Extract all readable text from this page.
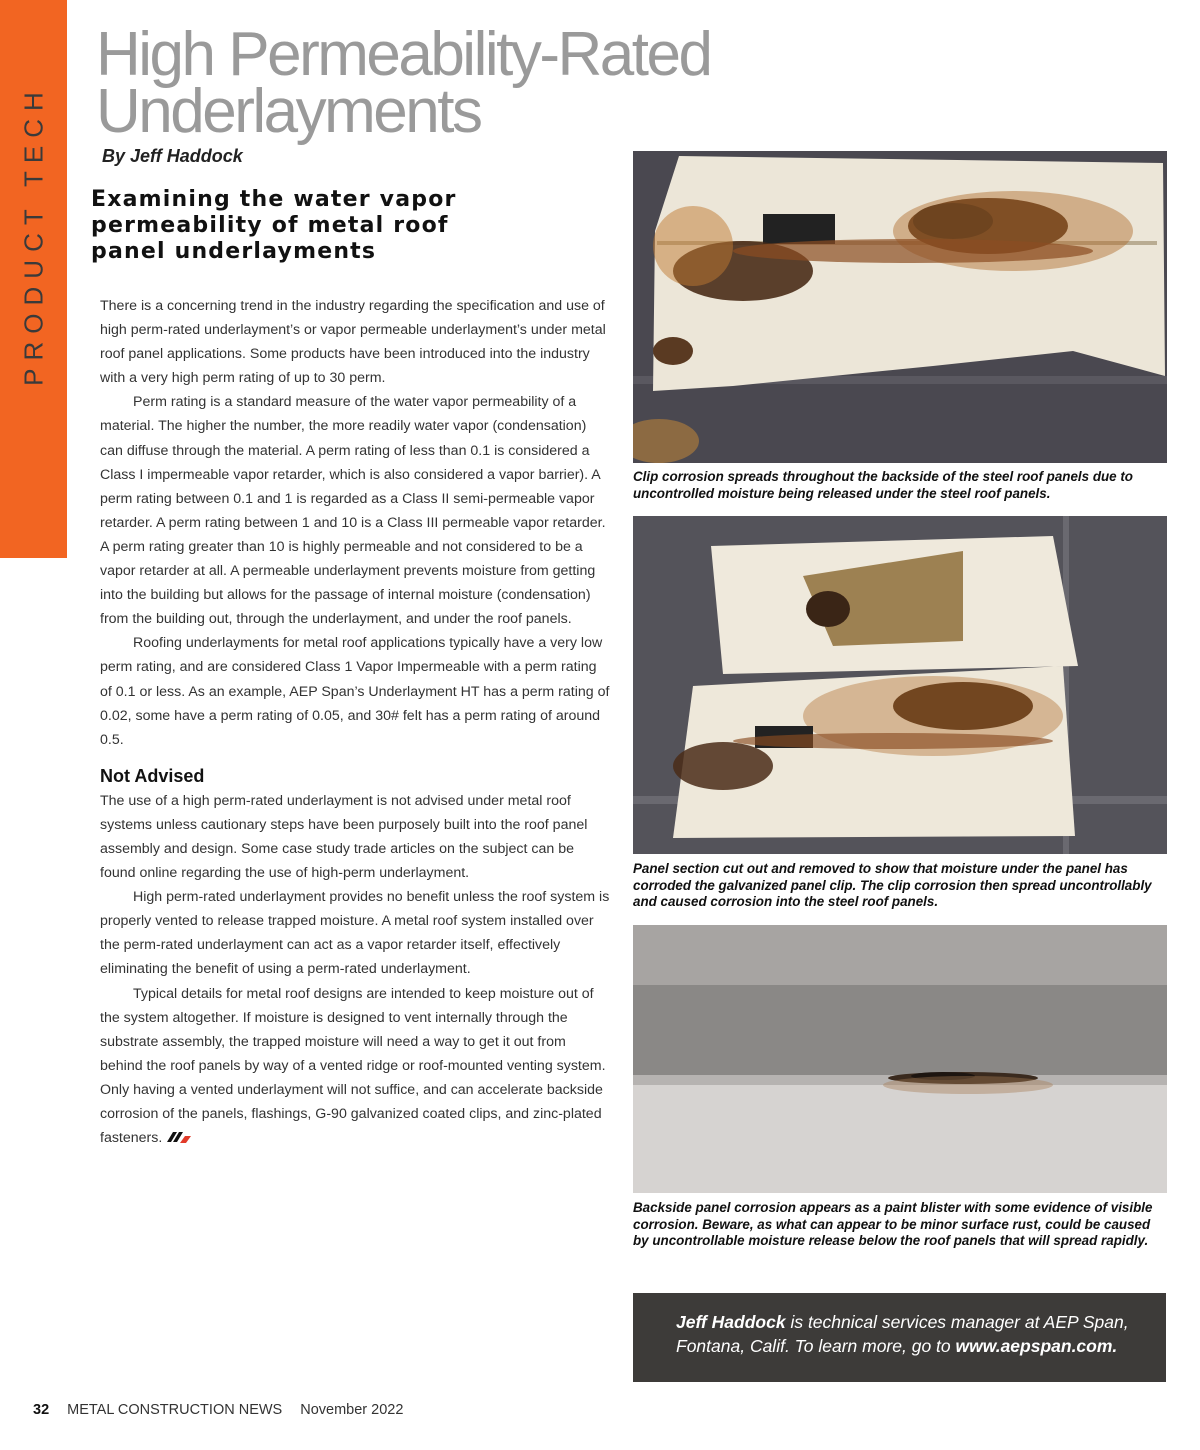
PRODUCT TECH
High Permeability-Rated Underlayments
By Jeff Haddock
Examining the water vapor permeability of metal roof panel underlayments

There is a concerning trend in the industry regarding the specification and use of high perm-rated underlayment’s or vapor permeable underlayment’s under metal roof panel applications. Some products have been introduced into the industry with a very high perm rating of up to 30 perm.

Perm rating is a standard measure of the water vapor permeability of a material. The higher the number, the more readily water vapor (condensation) can diffuse through the material. A perm rating of less than 0.1 is considered a Class I impermeable vapor retarder, which is also considered a vapor barrier). A perm rating between 0.1 and 1 is regarded as a Class II semi-permeable vapor retarder. A perm rating between 1 and 10 is a Class III permeable vapor retarder. A perm rating greater than 10 is highly permeable and not considered to be a vapor retarder at all. A permeable underlayment prevents moisture from getting into the building but allows for the passage of internal moisture (condensation) from the building out, through the underlayment, and under the roof panels.

Roofing underlayments for metal roof applications typically have a very low perm rating, and are considered Class 1 Vapor Impermeable with a perm rating of 0.1 or less. As an example, AEP Span’s Underlayment HT has a perm rating of 0.02, some have a perm rating of 0.05, and 30# felt has a perm rating of around 0.5.

Not Advised

The use of a high perm-rated underlayment is not advised under metal roof systems unless cautionary steps have been purposely built into the roof panel assembly and design. Some case study trade articles on the subject can be found online regarding the use of high-perm underlayment.

High perm-rated underlayment provides no benefit unless the roof system is properly vented to release trapped moisture. A metal roof system installed over the perm-rated underlayment can act as a vapor retarder itself, effectively eliminating the benefit of using a perm-rated underlayment.

Typical details for metal roof designs are intended to keep moisture out of the system altogether. If moisture is designed to vent internally through the substrate assembly, the trapped moisture will need a way to get it out from behind the roof panels by way of a vented ridge or roof-mounted venting system. Only having a vented underlayment will not suffice, and can accelerate backside corrosion of the panels, flashings, G-90 galvanized coated clips, and zinc-plated fasteners.

Clip corrosion spreads throughout the backside of the steel roof panels due to uncontrolled moisture being released under the steel roof panels.

Panel section cut out and removed to show that moisture under the panel has corroded the galvanized panel clip. The clip corrosion then spread uncontrollably and caused corrosion into the steel roof panels.

Backside panel corrosion appears as a paint blister with some evidence of visible corrosion. Beware, as what can appear to be minor surface rust, could be caused by uncontrollable moisture release below the roof panels that will spread rapidly.

Jeff Haddock is technical services manager at AEP Span, Fontana, Calif. To learn more, go to www.aepspan.com.
32 METAL CONSTRUCTION NEWS November 2022
